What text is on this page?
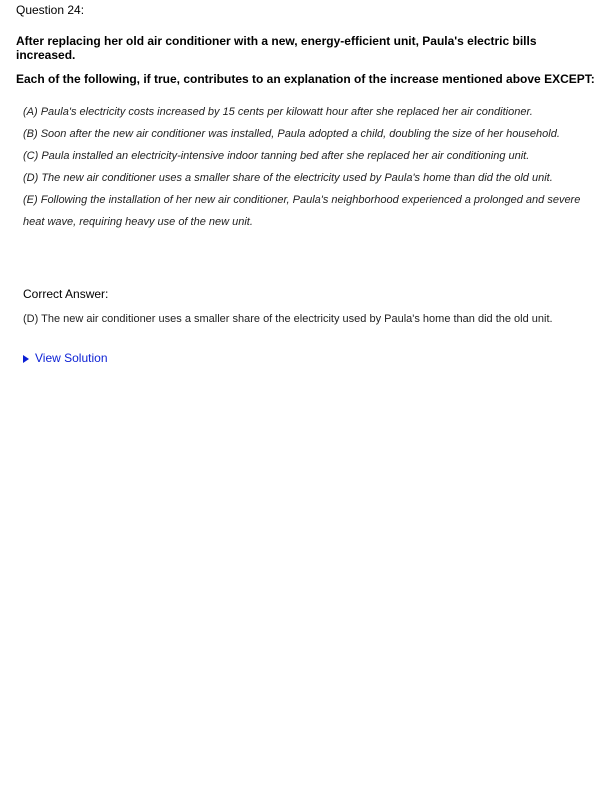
Question 24:
After replacing her old air conditioner with a new, energy-efficient unit, Paula's electric bills increased.
Each of the following, if true, contributes to an explanation of the increase mentioned above EXCEPT:

(A) Paula's electricity costs increased by 15 cents per kilowatt hour after she replaced her air conditioner.

(B) Soon after the new air conditioner was installed, Paula adopted a child, doubling the size of her household.

(C) Paula installed an electricity-intensive indoor tanning bed after she replaced her air conditioning unit.

(D) The new air conditioner uses a smaller share of the electricity used by Paula's home than did the old unit.

(E) Following the installation of her new air conditioner, Paula's neighborhood experienced a prolonged and severe heat wave, requiring heavy use of the new unit.

Correct Answer:
(D) The new air conditioner uses a smaller share of the electricity used by Paula's home than did the old unit.
View Solution
